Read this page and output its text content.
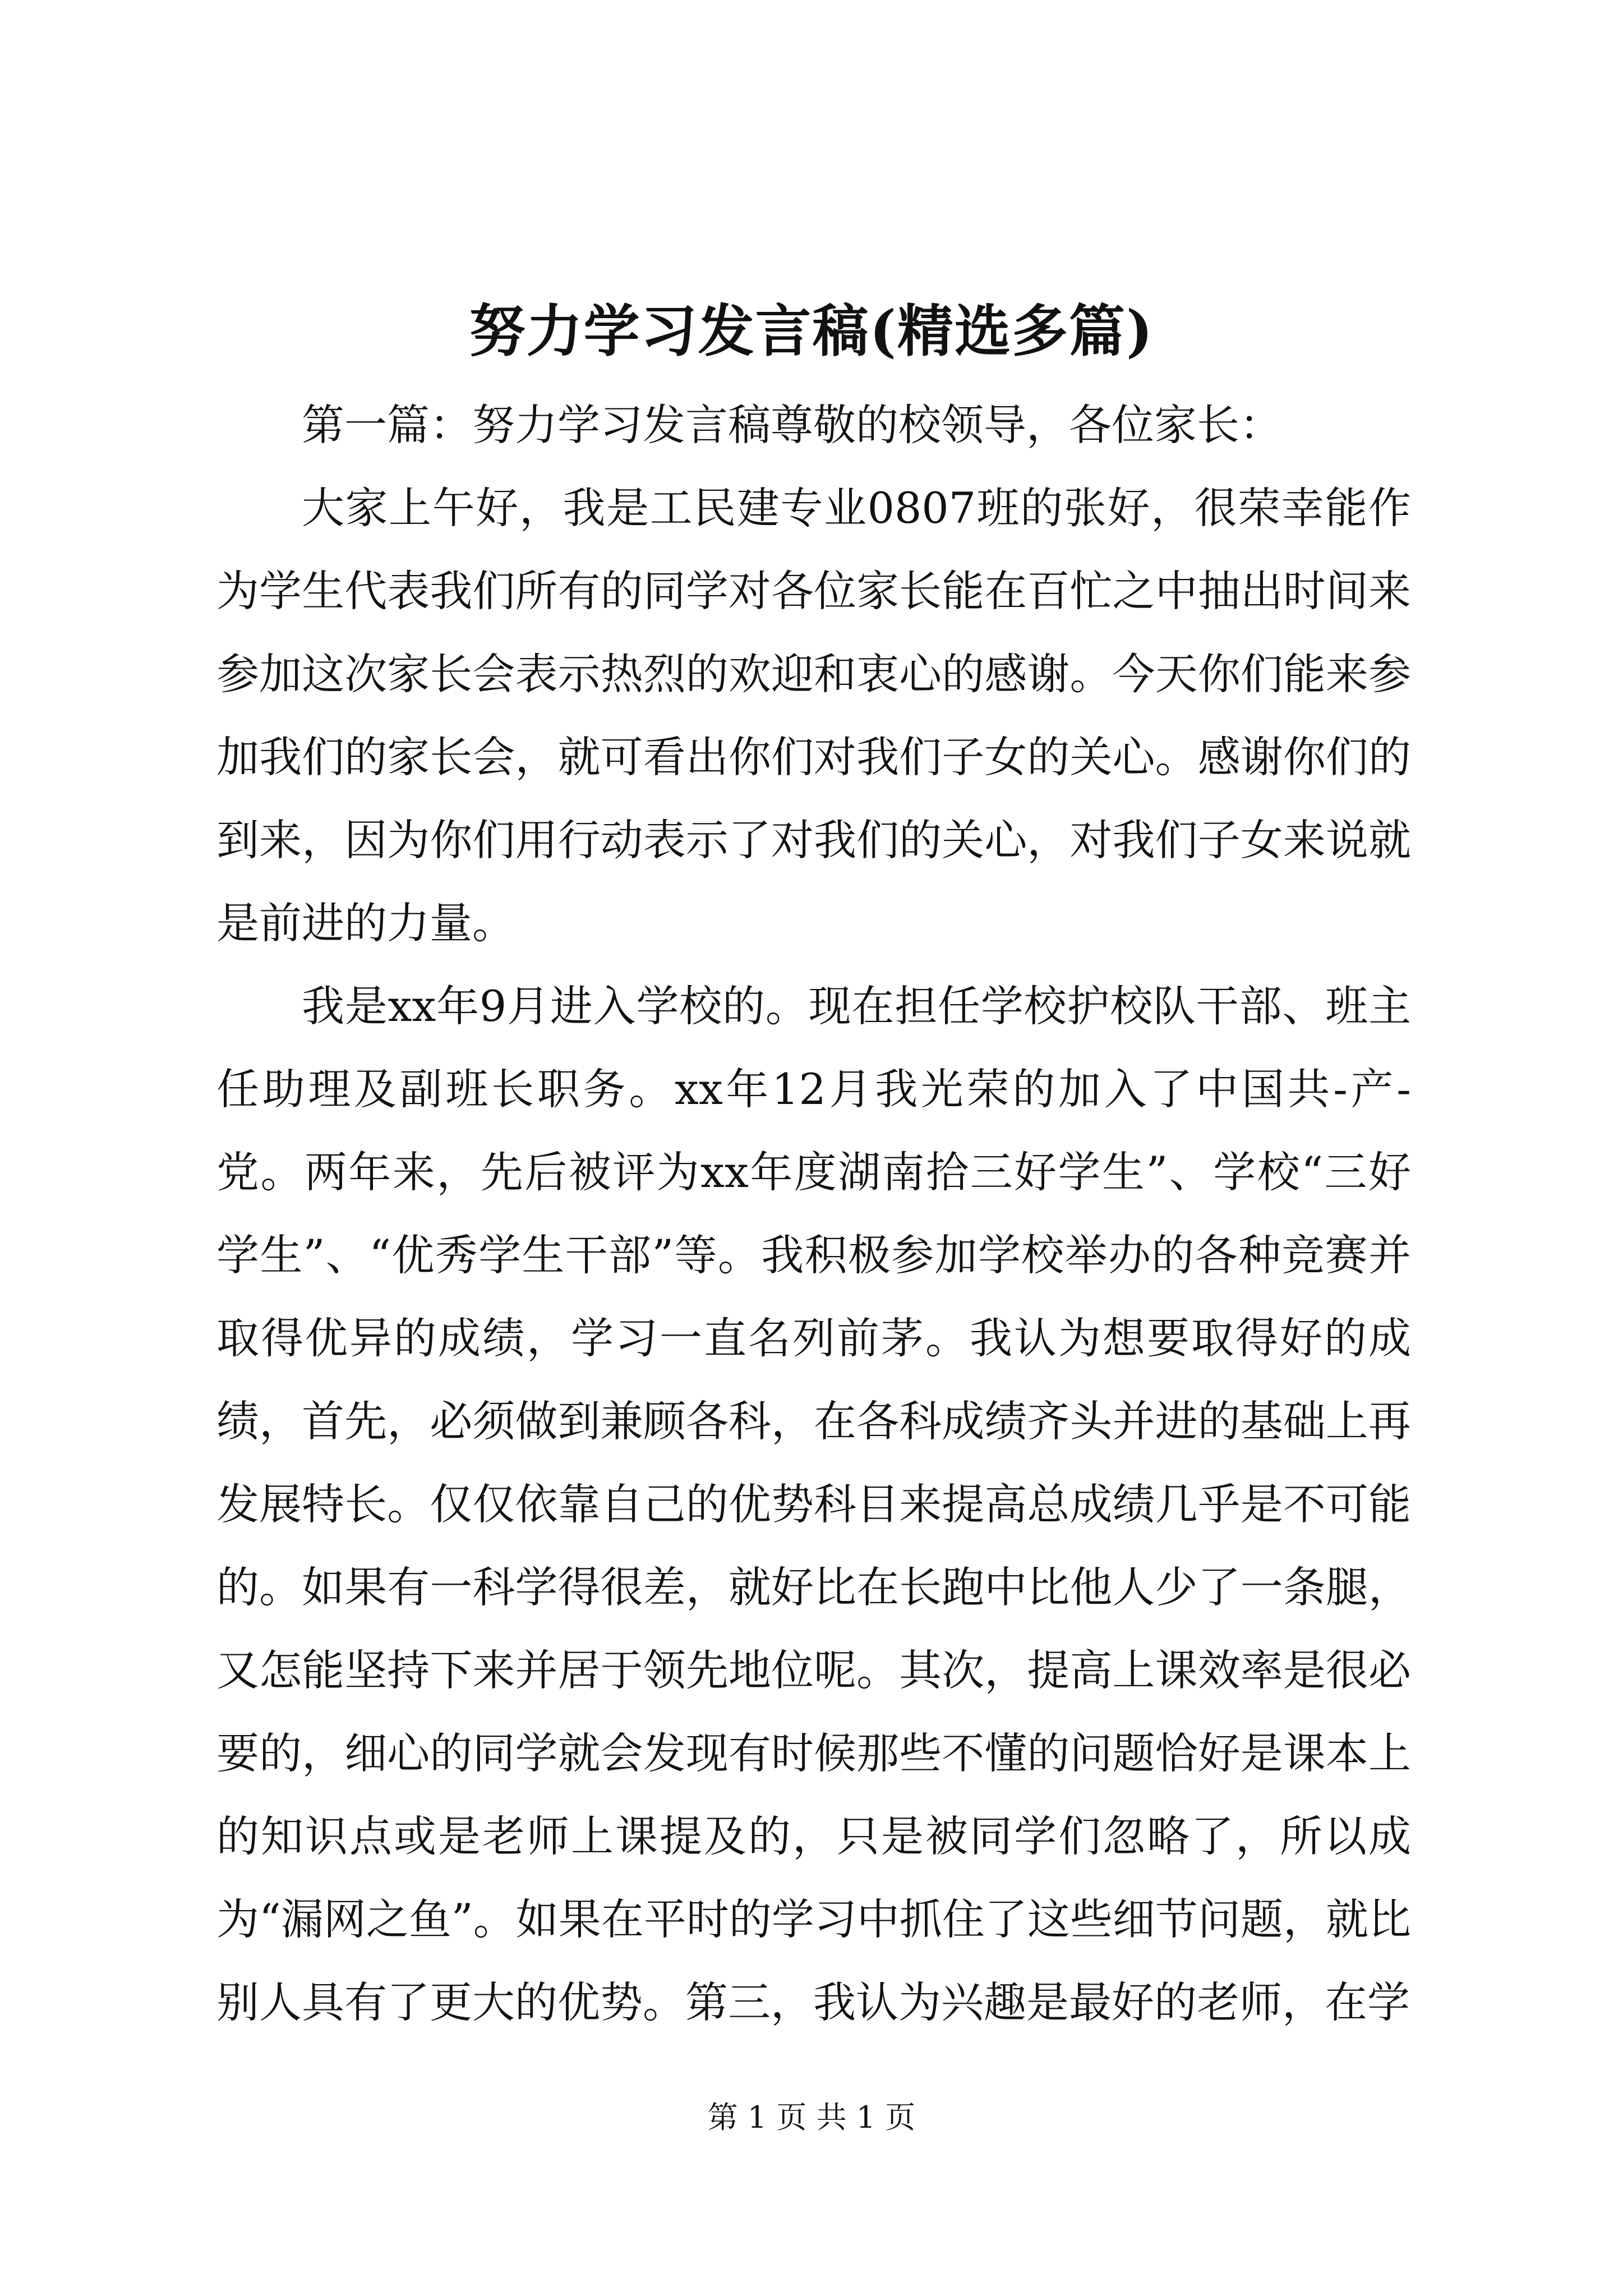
努力学习发言稿(精选多篇)

第一篇：努力学习发言稿尊敬的校领导，各位家长：

大家上午好，我是工民建专业0807班的张好，很荣幸能作为学生代表我们所有的同学对各位家长能在百忙之中抽出时间来参加这次家长会表示热烈的欢迎和衷心的感谢。今天你们能来参加我们的家长会，就可看出你们对我们子女的关心。感谢你们的到来，因为你们用行动表示了对我们的关心，对我们子女来说就是前进的力量。

我是xx年9月进入学校的。现在担任学校护校队干部、班主任助理及副班长职务。xx年12月我光荣的加入了中国共-产-党。两年来，先后被评为xx年度湖南拾三好学生”、学校“三好学生”、“优秀学生干部”等。我积极参加学校举办的各种竞赛并取得优异的成绩，学习一直名列前茅。我认为想要取得好的成绩，首先，必须做到兼顾各科，在各科成绩齐头并进的基础上再发展特长。仅仅依靠自己的优势科目来提高总成绩几乎是不可能的。如果有一科学得很差，就好比在长跑中比他人少了一条腿，又怎能坚持下来并居于领先地位呢。其次，提高上课效率是很必要的，细心的同学就会发现有时候那些不懂的问题恰好是课本上的知识点或是老师上课提及的，只是被同学们忽略了，所以成为“漏网之鱼”。如果在平时的学习中抓住了这些细节问题，就比别人具有了更大的优势。第三，我认为兴趣是最好的老师，在学

第 1 页 共 1 页
